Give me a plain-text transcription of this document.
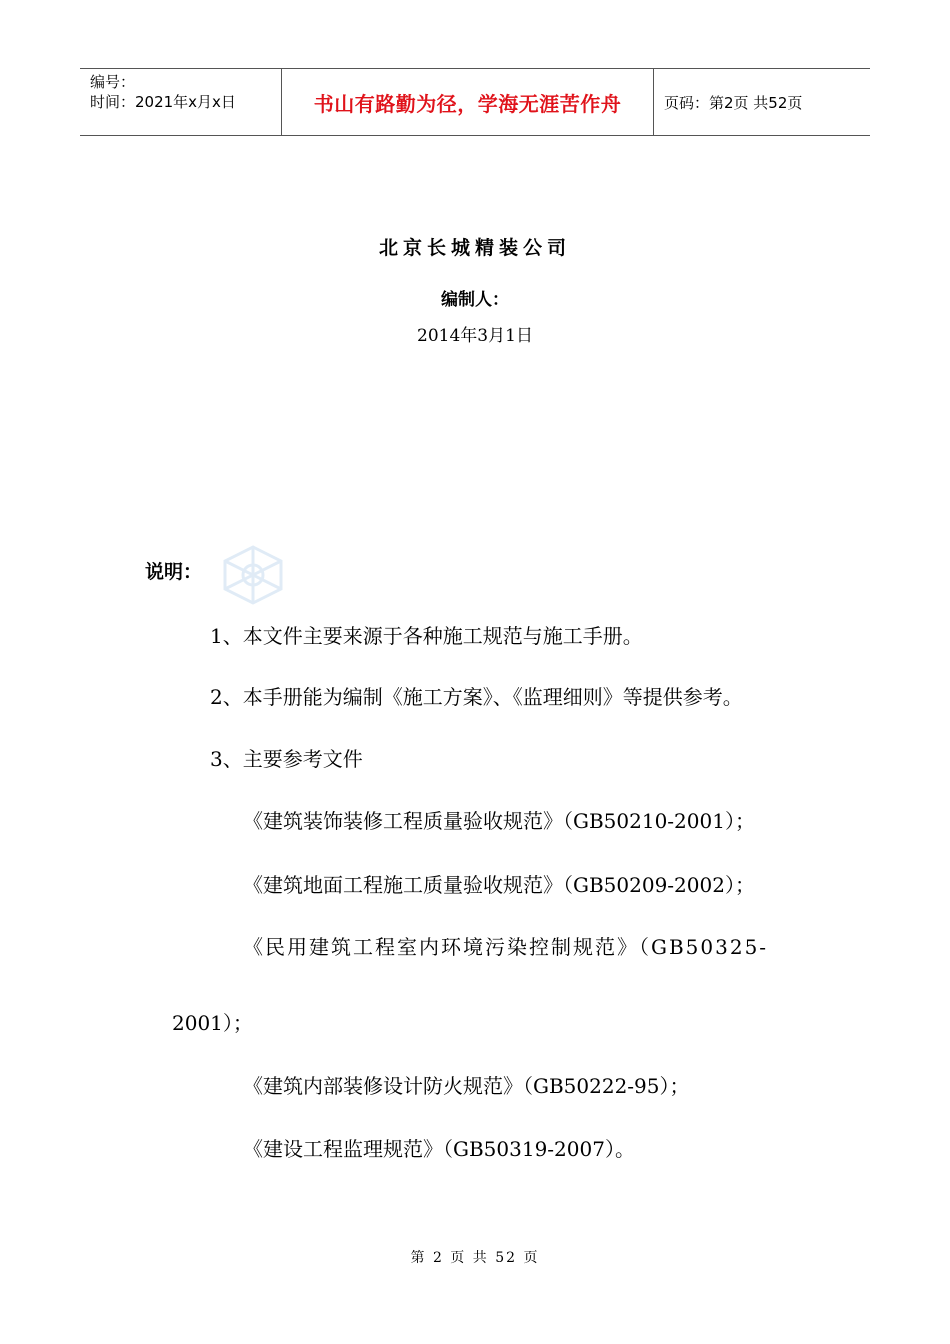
编号：
时间：2021年x月x日	书山有路勤为径，学海无涯苦作舟	页码：第2页 共52页
北京长城精装公司
编制人：
2014年3月1日
说明：
1、本文件主要来源于各种施工规范与施工手册。
2、本手册能为编制《施工方案》、《监理细则》等提供参考。
3、主要参考文件
《建筑装饰装修工程质量验收规范》（GB50210-2001）；
《建筑地面工程施工质量验收规范》（GB50209-2002）；
《民用建筑工程室内环境污染控制规范》（GB50325-
2001）；
《建筑内部装修设计防火规范》（GB50222-95）；
《建设工程监理规范》（GB50319-2007）。
第 2 页 共 52 页
